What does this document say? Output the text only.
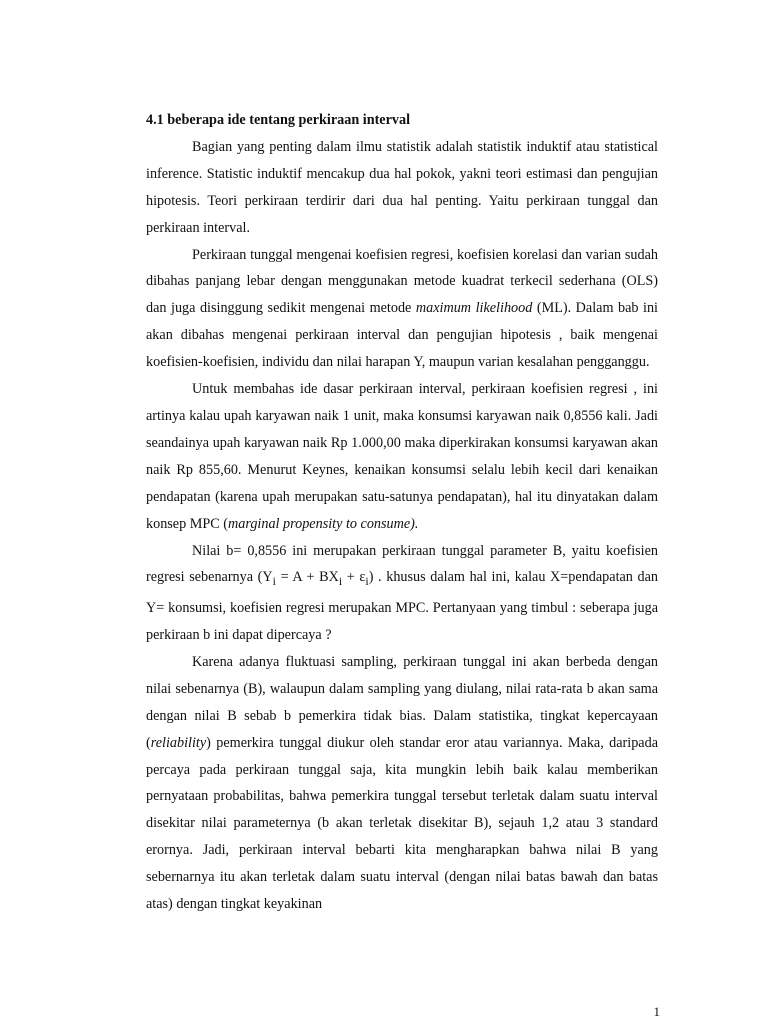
4.1 beberapa ide tentang perkiraan interval

Bagian yang penting dalam ilmu statistik adalah statistik induktif atau statistical inference. Statistic induktif mencakup dua hal pokok, yakni teori estimasi dan pengujian hipotesis. Teori perkiraan terdirir dari dua hal penting. Yaitu perkiraan tunggal dan perkiraan interval.

Perkiraan tunggal mengenai koefisien regresi, koefisien korelasi dan varian sudah dibahas panjang lebar dengan menggunakan metode kuadrat terkecil sederhana (OLS) dan juga disinggung sedikit mengenai metode maximum likelihood (ML). Dalam bab ini akan dibahas mengenai perkiraan interval dan pengujian hipotesis , baik mengenai koefisien-koefisien, individu dan nilai harapan Y, maupun varian kesalahan pengganggu.

Untuk membahas ide dasar perkiraan interval, perkiraan koefisien regresi , ini artinya kalau upah karyawan naik 1 unit, maka konsumsi karyawan naik 0,8556 kali. Jadi seandainya upah karyawan naik Rp 1.000,00 maka diperkirakan konsumsi karyawan akan naik Rp 855,60. Menurut Keynes, kenaikan konsumsi selalu lebih kecil dari kenaikan pendapatan (karena upah merupakan satu-satunya pendapatan), hal itu dinyatakan dalam konsep MPC (marginal propensity to consume).

Nilai b= 0,8556 ini merupakan perkiraan tunggal parameter B, yaitu koefisien regresi sebenarnya $(Y_i = A + BX_i + \varepsilon_i)$ . khusus dalam hal ini, kalau X=pendapatan dan Y= konsumsi, koefisien regresi merupakan MPC. Pertanyaan yang timbul : seberapa juga perkiraan b ini dapat dipercaya ?

Karena adanya fluktuasi sampling, perkiraan tunggal ini akan berbeda dengan nilai sebenarnya (B), walaupun dalam sampling yang diulang, nilai rata-rata b akan sama dengan nilai B sebab b pemerkira tidak bias. Dalam statistika, tingkat kepercayaan (reliability) pemerkira tunggal diukur oleh standar eror atau variannya. Maka, daripada percaya pada perkiraan tunggal saja, kita mungkin lebih baik kalau memberikan pernyataan probabilitas, bahwa pemerkira tunggal tersebut terletak dalam suatu interval disekitar nilai parameternya (b akan terletak disekitar B), sejauh 1,2 atau 3 standard erornya. Jadi, perkiraan interval bebarti kita mengharapkan bahwa nilai B yang sebernarnya itu akan terletak dalam suatu interval (dengan nilai batas bawah dan batas atas) dengan tingkat keyakinan

1
